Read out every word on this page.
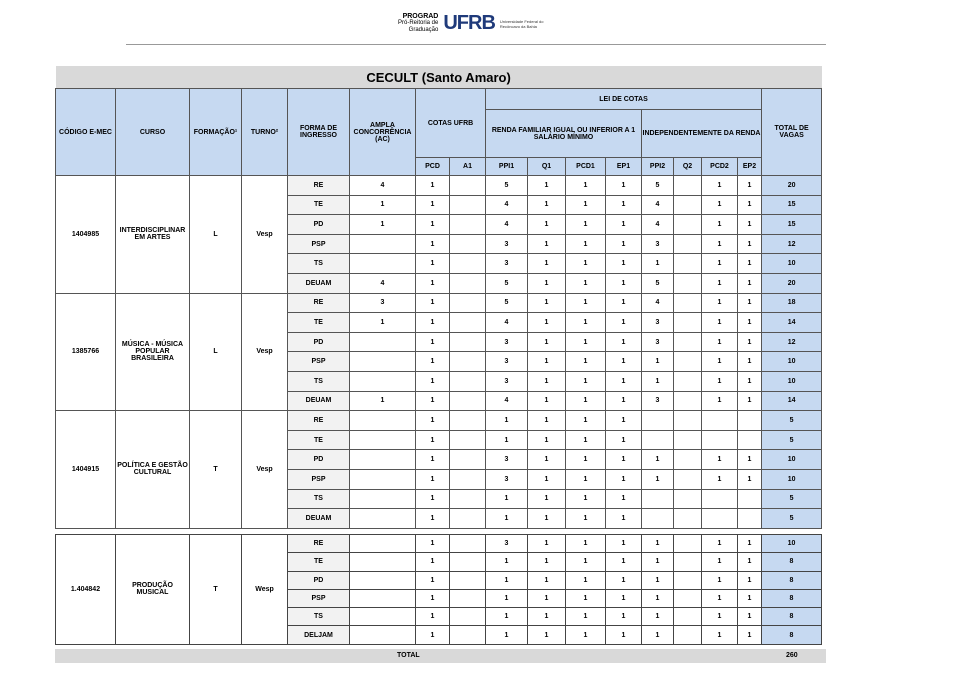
PROGRAD
Pró-Reitoria de
Graduação UFRB Universidade Federal do
Recôncavo da Bahia
CECULT (Santo Amaro)																
CÓDIGO E-MEC	CURSO	FORMAÇÃO¹	TURNO²	FORMA DE INGRESSO	AMPLA CONCORRÊNCIA (AC)	COTAS UFRB		LEI DE COTAS								TOTAL DE VAGAS
								RENDA FAMILIAR IGUAL OU INFERIOR A 1 SALÁRIO MÍNIMO				INDEPENDENTEMENTE DA RENDA				
						PCD	A1	PPI1	Q1	PCD1	EP1	PPI2	Q2	PCD2	EP2	
1404985	INTERDISCIPLINAR EM ARTES	L	Vesp	RE	4	1		5	1	1	1	5		1	1	20
				TE	1	1		4	1	1	1	4		1	1	15
				PD	1	1		4	1	1	1	4		1	1	15
				PSP		1		3	1	1	1	3		1	1	12
				TS		1		3	1	1	1	1		1	1	10
				DEUAM	4	1		5	1	1	1	5		1	1	20
1385766	MÚSICA - MÚSICA POPULAR BRASILEIRA	L	Vesp	RE	3	1		5	1	1	1	4		1	1	18
				TE	1	1		4	1	1	1	3		1	1	14
				PD		1		3	1	1	1	3		1	1	12
				PSP		1		3	1	1	1	1		1	1	10
				TS		1		3	1	1	1	1		1	1	10
				DEUAM	1	1		4	1	1	1	3		1	1	14
1404915	POLÍTICA E GESTÃO CULTURAL	T	Vesp	RE		1		1	1	1	1					5
				TE		1		1	1	1	1					5
				PD		1		3	1	1	1	1		1	1	10
				PSP		1		3	1	1	1	1		1	1	10
				TS		1		1	1	1	1					5
				DEUAM		1		1	1	1	1					5
1.404842	PRODUÇÃO MUSICAL	T	Wesp	RE		1		3	1	1	1	1		1	1	10
				TE		1		1	1	1	1	1		1	1	8
				PD		1		1	1	1	1	1		1	1	8
				PSP		1		1	1	1	1	1		1	1	8
				TS		1		1	1	1	1	1		1	1	8
				DELJAM		1		1	1	1	1	1		1	1	8
TOTAL	260
